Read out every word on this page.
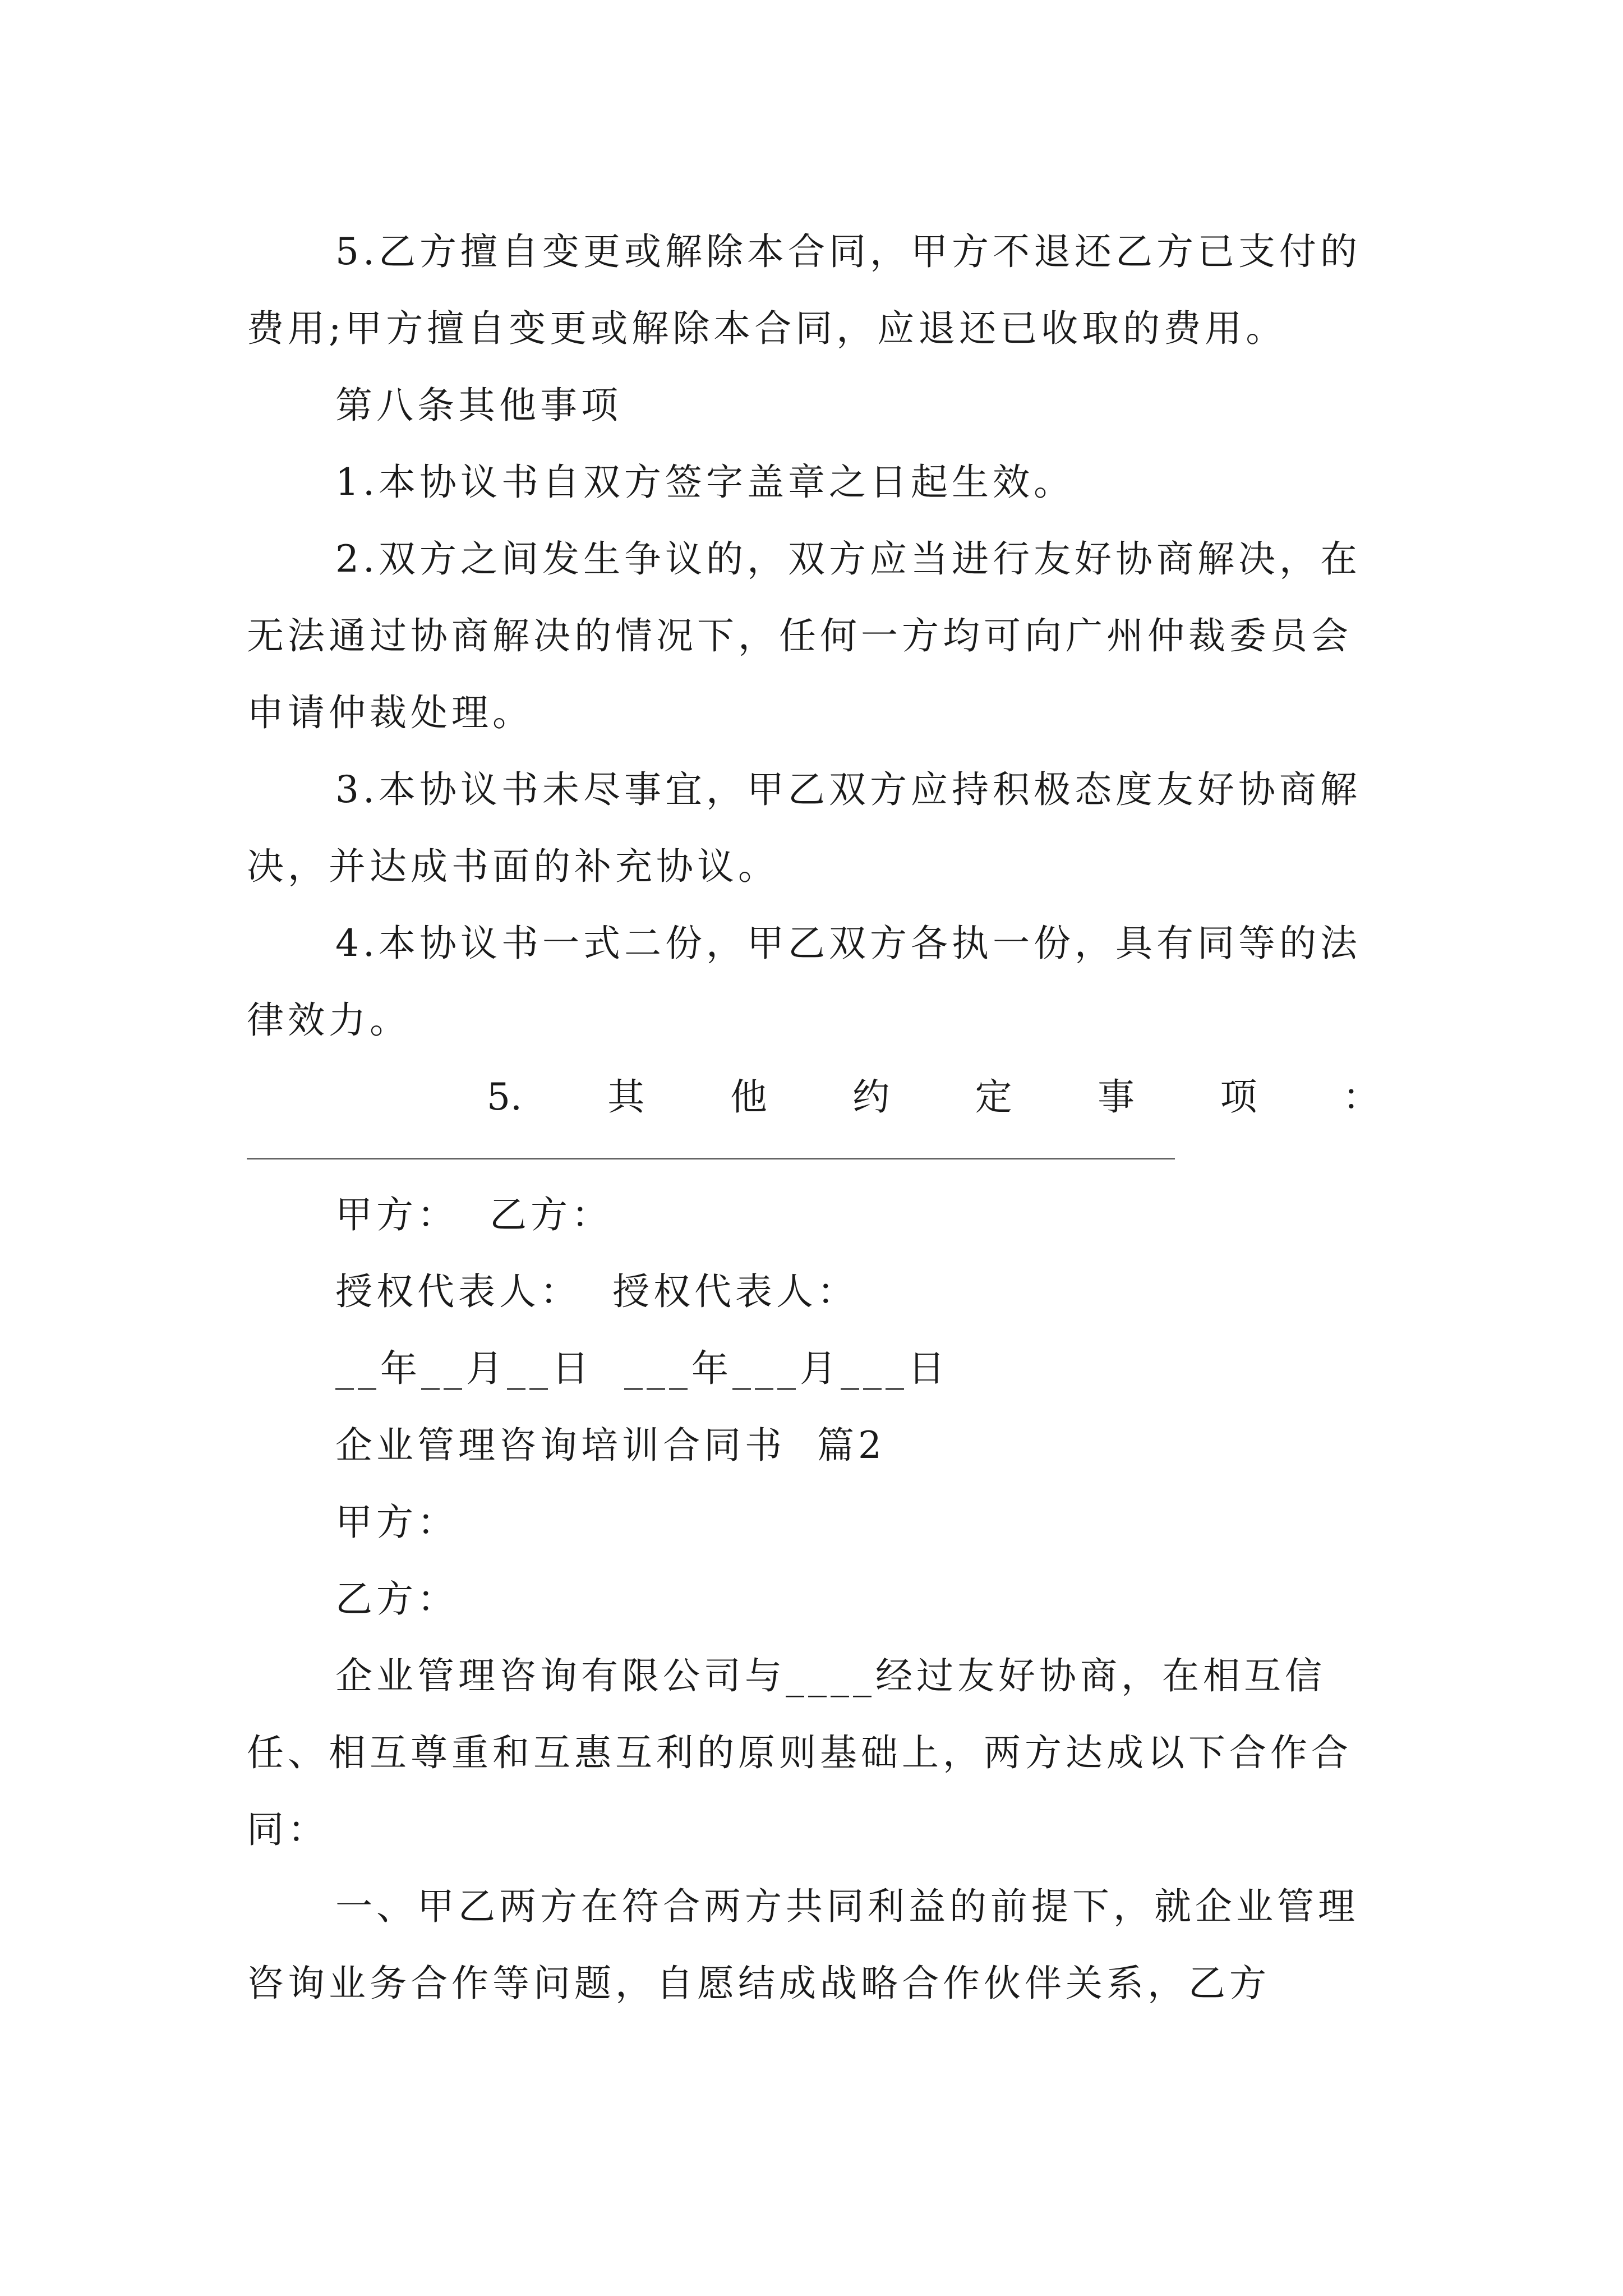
5.乙方擅自变更或解除本合同，甲方不退还乙方已支付的费用;甲方擅自变更或解除本合同，应退还已收取的费用。

第八条其他事项

1.本协议书自双方签字盖章之日起生效。

2.双方之间发生争议的，双方应当进行友好协商解决，在无法通过协商解决的情况下，任何一方均可向广州仲裁委员会申请仲裁处理。

3.本协议书未尽事宜，甲乙双方应持积极态度友好协商解决，并达成书面的补充协议。

4.本协议书一式二份，甲乙双方各执一份，具有同等的法律效力。

5. 其 他 约 定 事 项 ：

甲方：  乙方：

授权代表人：  授权代表人：

__年__月__日  ___年___月___日

企业管理咨询培训合同书  篇2

甲方：

乙方：

企业管理咨询有限公司与____经过友好协商，在相互信任、相互尊重和互惠互利的原则基础上，两方达成以下合作合同：

一、甲乙两方在符合两方共同利益的前提下，就企业管理咨询业务合作等问题，自愿结成战略合作伙伴关系，乙方
